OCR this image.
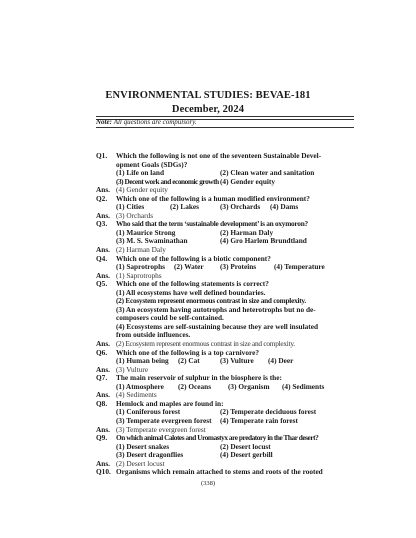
ENVIRONMENTAL STUDIES: BEVAE-181
December, 2024
Note: All questions are compulsory.
Q1. Which the following is not one of the seventeen Sustainable Devel-
opment Goals (SDGs)?
(1) Life on land	(2) Clean water and sanitation
(3) Decent work and economic growth (4) Gender equity
Ans. (4) Gender equity
Q2. Which one of the following is a human modified environment?
(1) Cities	(2) Lakes	(3) Orchards (4) Dams
Ans. (3) Orchards
Q3. Who said that the term ‘sustainable development’ is an oxymoron?
(1) Maurice Strong	(2) Harman Daly
(3) M. S. Swaminathan	(4) Gro Harlem Brundtland
Ans. (2) Harman Daly
Q4. Which one of the following is a biotic component?
(1) Saprotrophs (2) Water (3) Proteins (4) Temperature
Ans. (1) Saprotrophs
Q5. Which one of the following statements is correct?
(1) All ecosystems have well defined boundaries.
(2) Ecosystem represent enormous contrast in size and complexity.
(3) An ecosystem having autotrophs and heterotrophs but no de-
composers could be self-contained.
(4) Ecosystems are self-sustaining because they are well insulated
from outside influences.
Ans. (2) Ecosystem represent enormous contrast in size and complexity.
Q6. Which one of the following is a top carnivore?
(1) Human being (2) Cat	(3) Vulture (4) Deer
Ans. (3) Vulture
Q7. The main reservoir of sulphur in the biosphere is the:
(1) Atmosphere (2) Oceans (3) Organism (4) Sediments
Ans. (4) Sediments
Q8. Hemlock and maples are found in:
(1) Coniferous forest	(2) Temperate deciduous forest
(3) Temperate evergreen forest (4) Temperate rain forest
Ans. (3) Temperate evergreen forest
Q9. On which animal Calotes and Uromastyx are predatory in the Thar desert?
(1) Desert snakes	(2) Desert locust
(3) Desert dragonflies	(4) Desert gerbill
Ans. (2) Desert locust
Q10. Organisms which remain attached to stems and roots of the rooted
(338)
